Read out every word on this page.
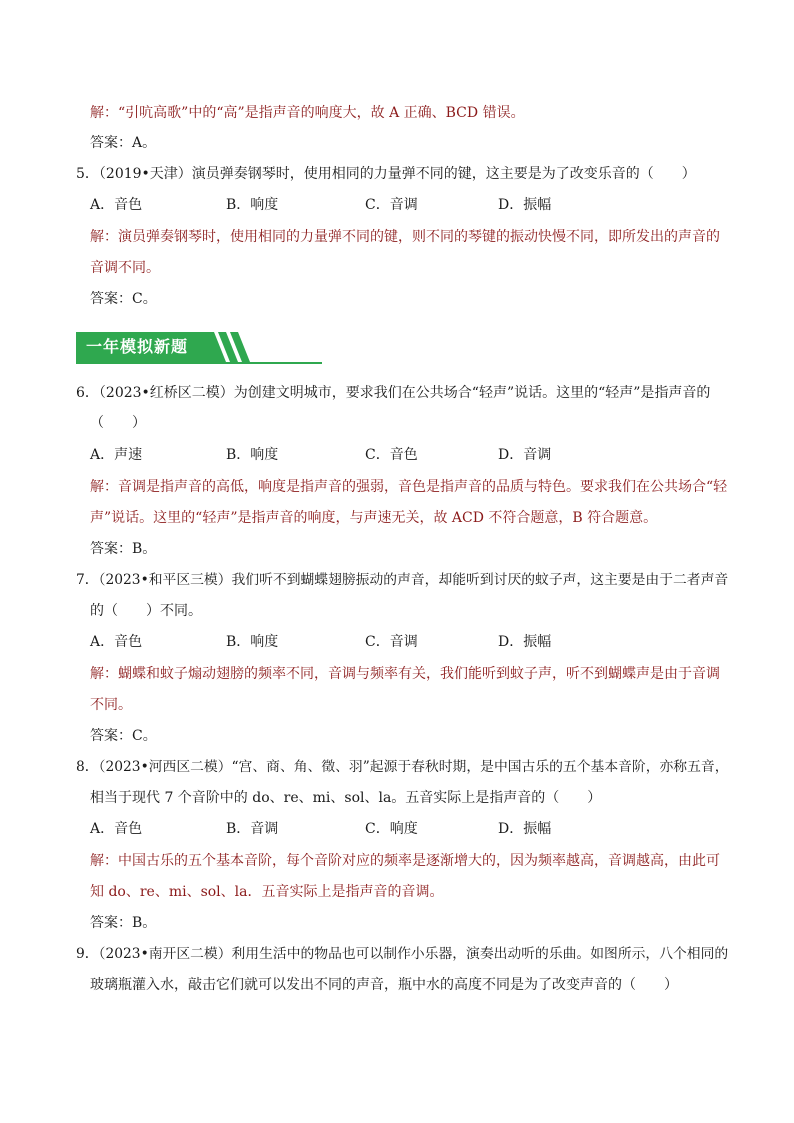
解：“引吭高歌”中的“高”是指声音的响度大，故 A 正确、BCD 错误。
答案：A。
5．（2019•天津）演员弹奏钢琴时，使用相同的力量弹不同的键，这主要是为了改变乐音的（　　）
A．音色	B．响度	C．音调	D．振幅
解：演员弹奏钢琴时，使用相同的力量弹不同的键，则不同的琴键的振动快慢不同，即所发出的声音的
音调不同。
答案：C。
一年模拟新题
6．（2023•红桥区二模）为创建文明城市，要求我们在公共场合“轻声”说话。这里的“轻声”是指声音的
（　　）
A．声速	B．响度	C．音色	D．音调
解：音调是指声音的高低，响度是指声音的强弱，音色是指声音的品质与特色。要求我们在公共场合“轻
声”说话。这里的“轻声”是指声音的响度，与声速无关，故 ACD 不符合题意，B 符合题意。
答案：B。
7．（2023•和平区三模）我们听不到蝴蝶翅膀振动的声音，却能听到讨厌的蚊子声，这主要是由于二者声音
的（　　）不同。
A．音色	B．响度	C．音调	D．振幅
解：蝴蝶和蚊子煽动翅膀的频率不同，音调与频率有关，我们能听到蚊子声，听不到蝴蝶声是由于音调
不同。
答案：C。
8．（2023•河西区二模）“宫、商、角、徵、羽”起源于春秋时期，是中国古乐的五个基本音阶，亦称五音，
相当于现代 7 个音阶中的 do、re、mi、sol、la。五音实际上是指声音的（　　）
A．音色	B．音调	C．响度	D．振幅
解：中国古乐的五个基本音阶，每个音阶对应的频率是逐渐增大的，因为频率越高，音调越高，由此可
知 do、re、mi、sol、la．五音实际上是指声音的音调。
答案：B。
9．（2023•南开区二模）利用生活中的物品也可以制作小乐器，演奏出动听的乐曲。如图所示，八个相同的
玻璃瓶灌入水，敲击它们就可以发出不同的声音，瓶中水的高度不同是为了改变声音的（　　）
